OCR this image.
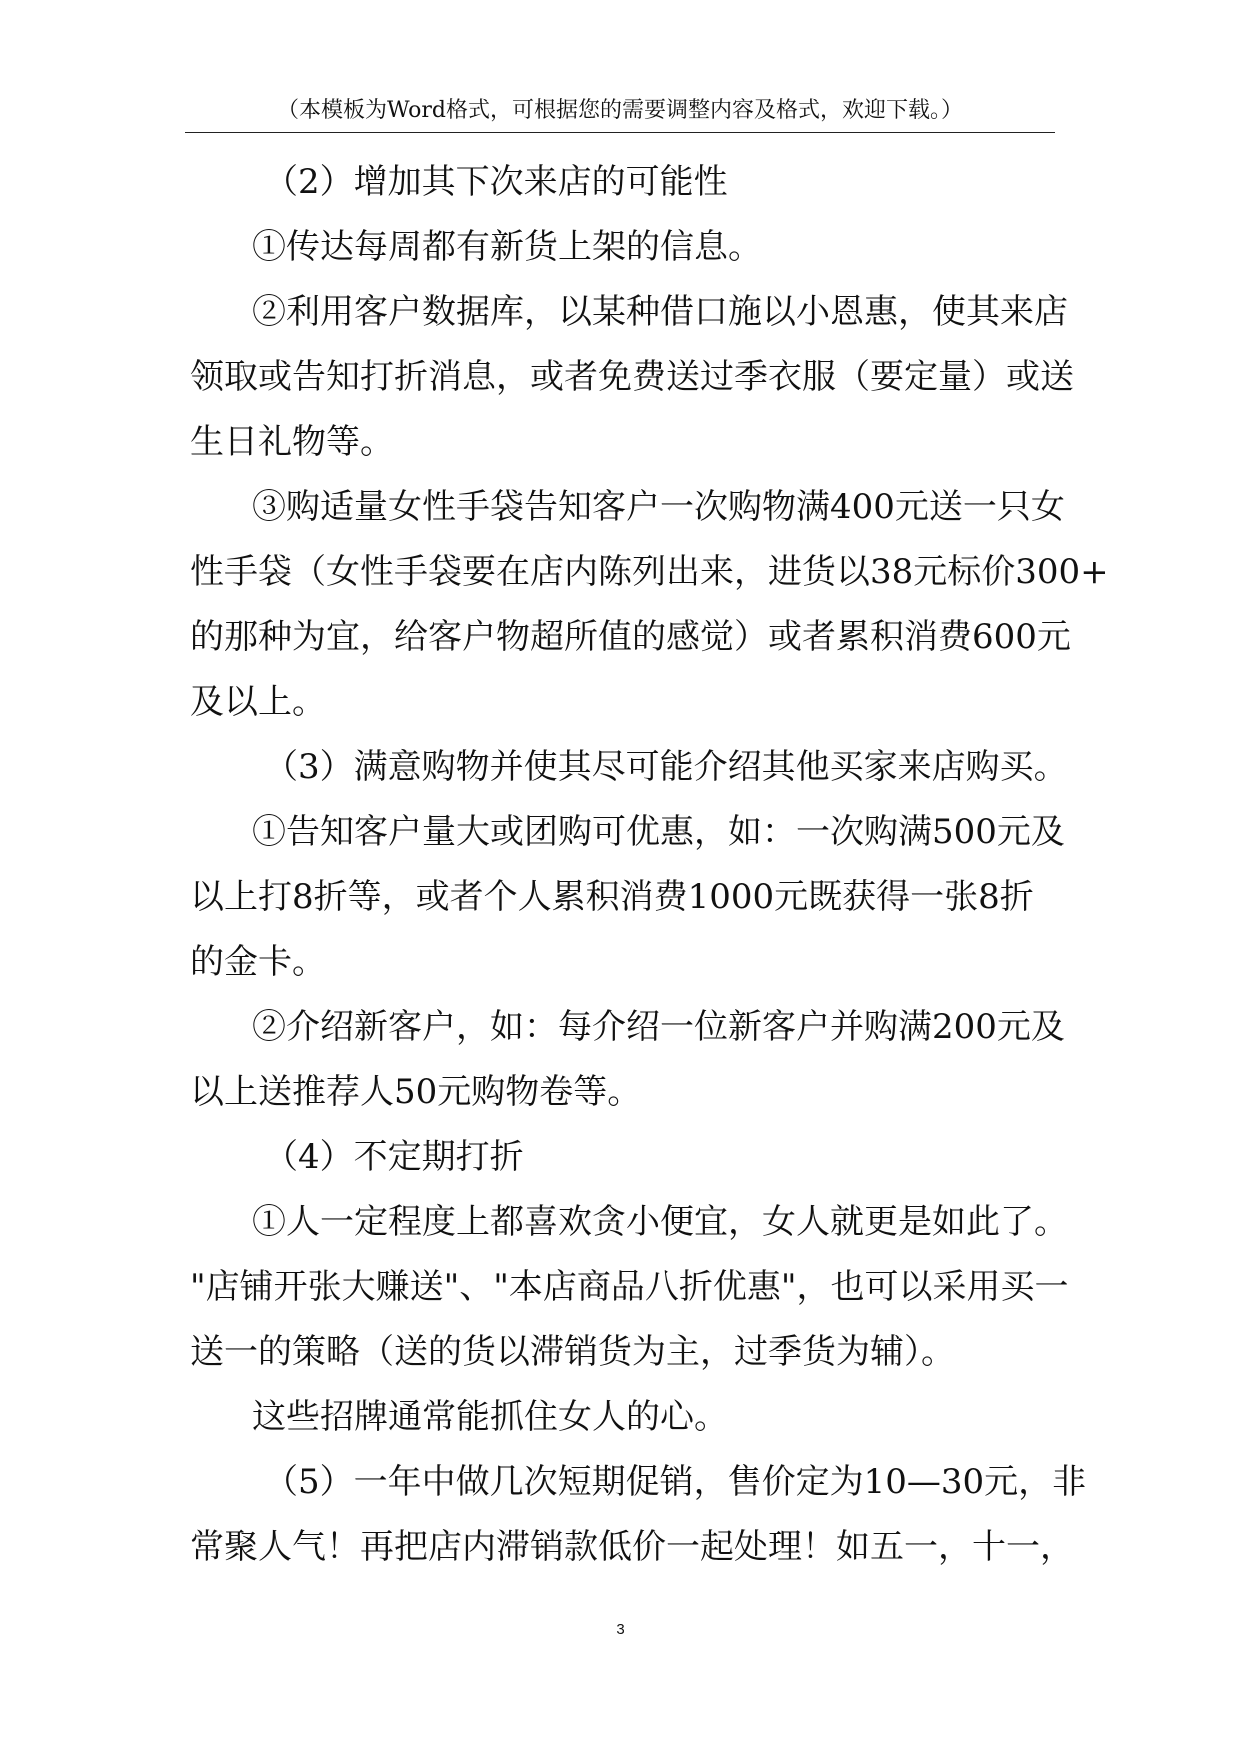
（本模板为Word格式，可根据您的需要调整内容及格式，欢迎下载。）
（2）增加其下次来店的可能性
①传达每周都有新货上架的信息。
②利用客户数据库，以某种借口施以小恩惠，使其来店
领取或告知打折消息，或者免费送过季衣服（要定量）或送
生日礼物等。
③购适量女性手袋告知客户一次购物满400元送一只女
性手袋（女性手袋要在店内陈列出来，进货以38元标价300+
的那种为宜，给客户物超所值的感觉）或者累积消费600元
及以上。
（3）满意购物并使其尽可能介绍其他买家来店购买。
①告知客户量大或团购可优惠，如：一次购满500元及
以上打8折等，或者个人累积消费1000元既获得一张8折
的金卡。
②介绍新客户，如：每介绍一位新客户并购满200元及
以上送推荐人50元购物卷等。
（4）不定期打折
①人一定程度上都喜欢贪小便宜，女人就更是如此了。
"店铺开张大赚送"、"本店商品八折优惠"，也可以采用买一
送一的策略（送的货以滞销货为主，过季货为辅）。
这些招牌通常能抓住女人的心。
（5）一年中做几次短期促销，售价定为10—30元，非
常聚人气！再把店内滞销款低价一起处理！如五一，十一，
3
